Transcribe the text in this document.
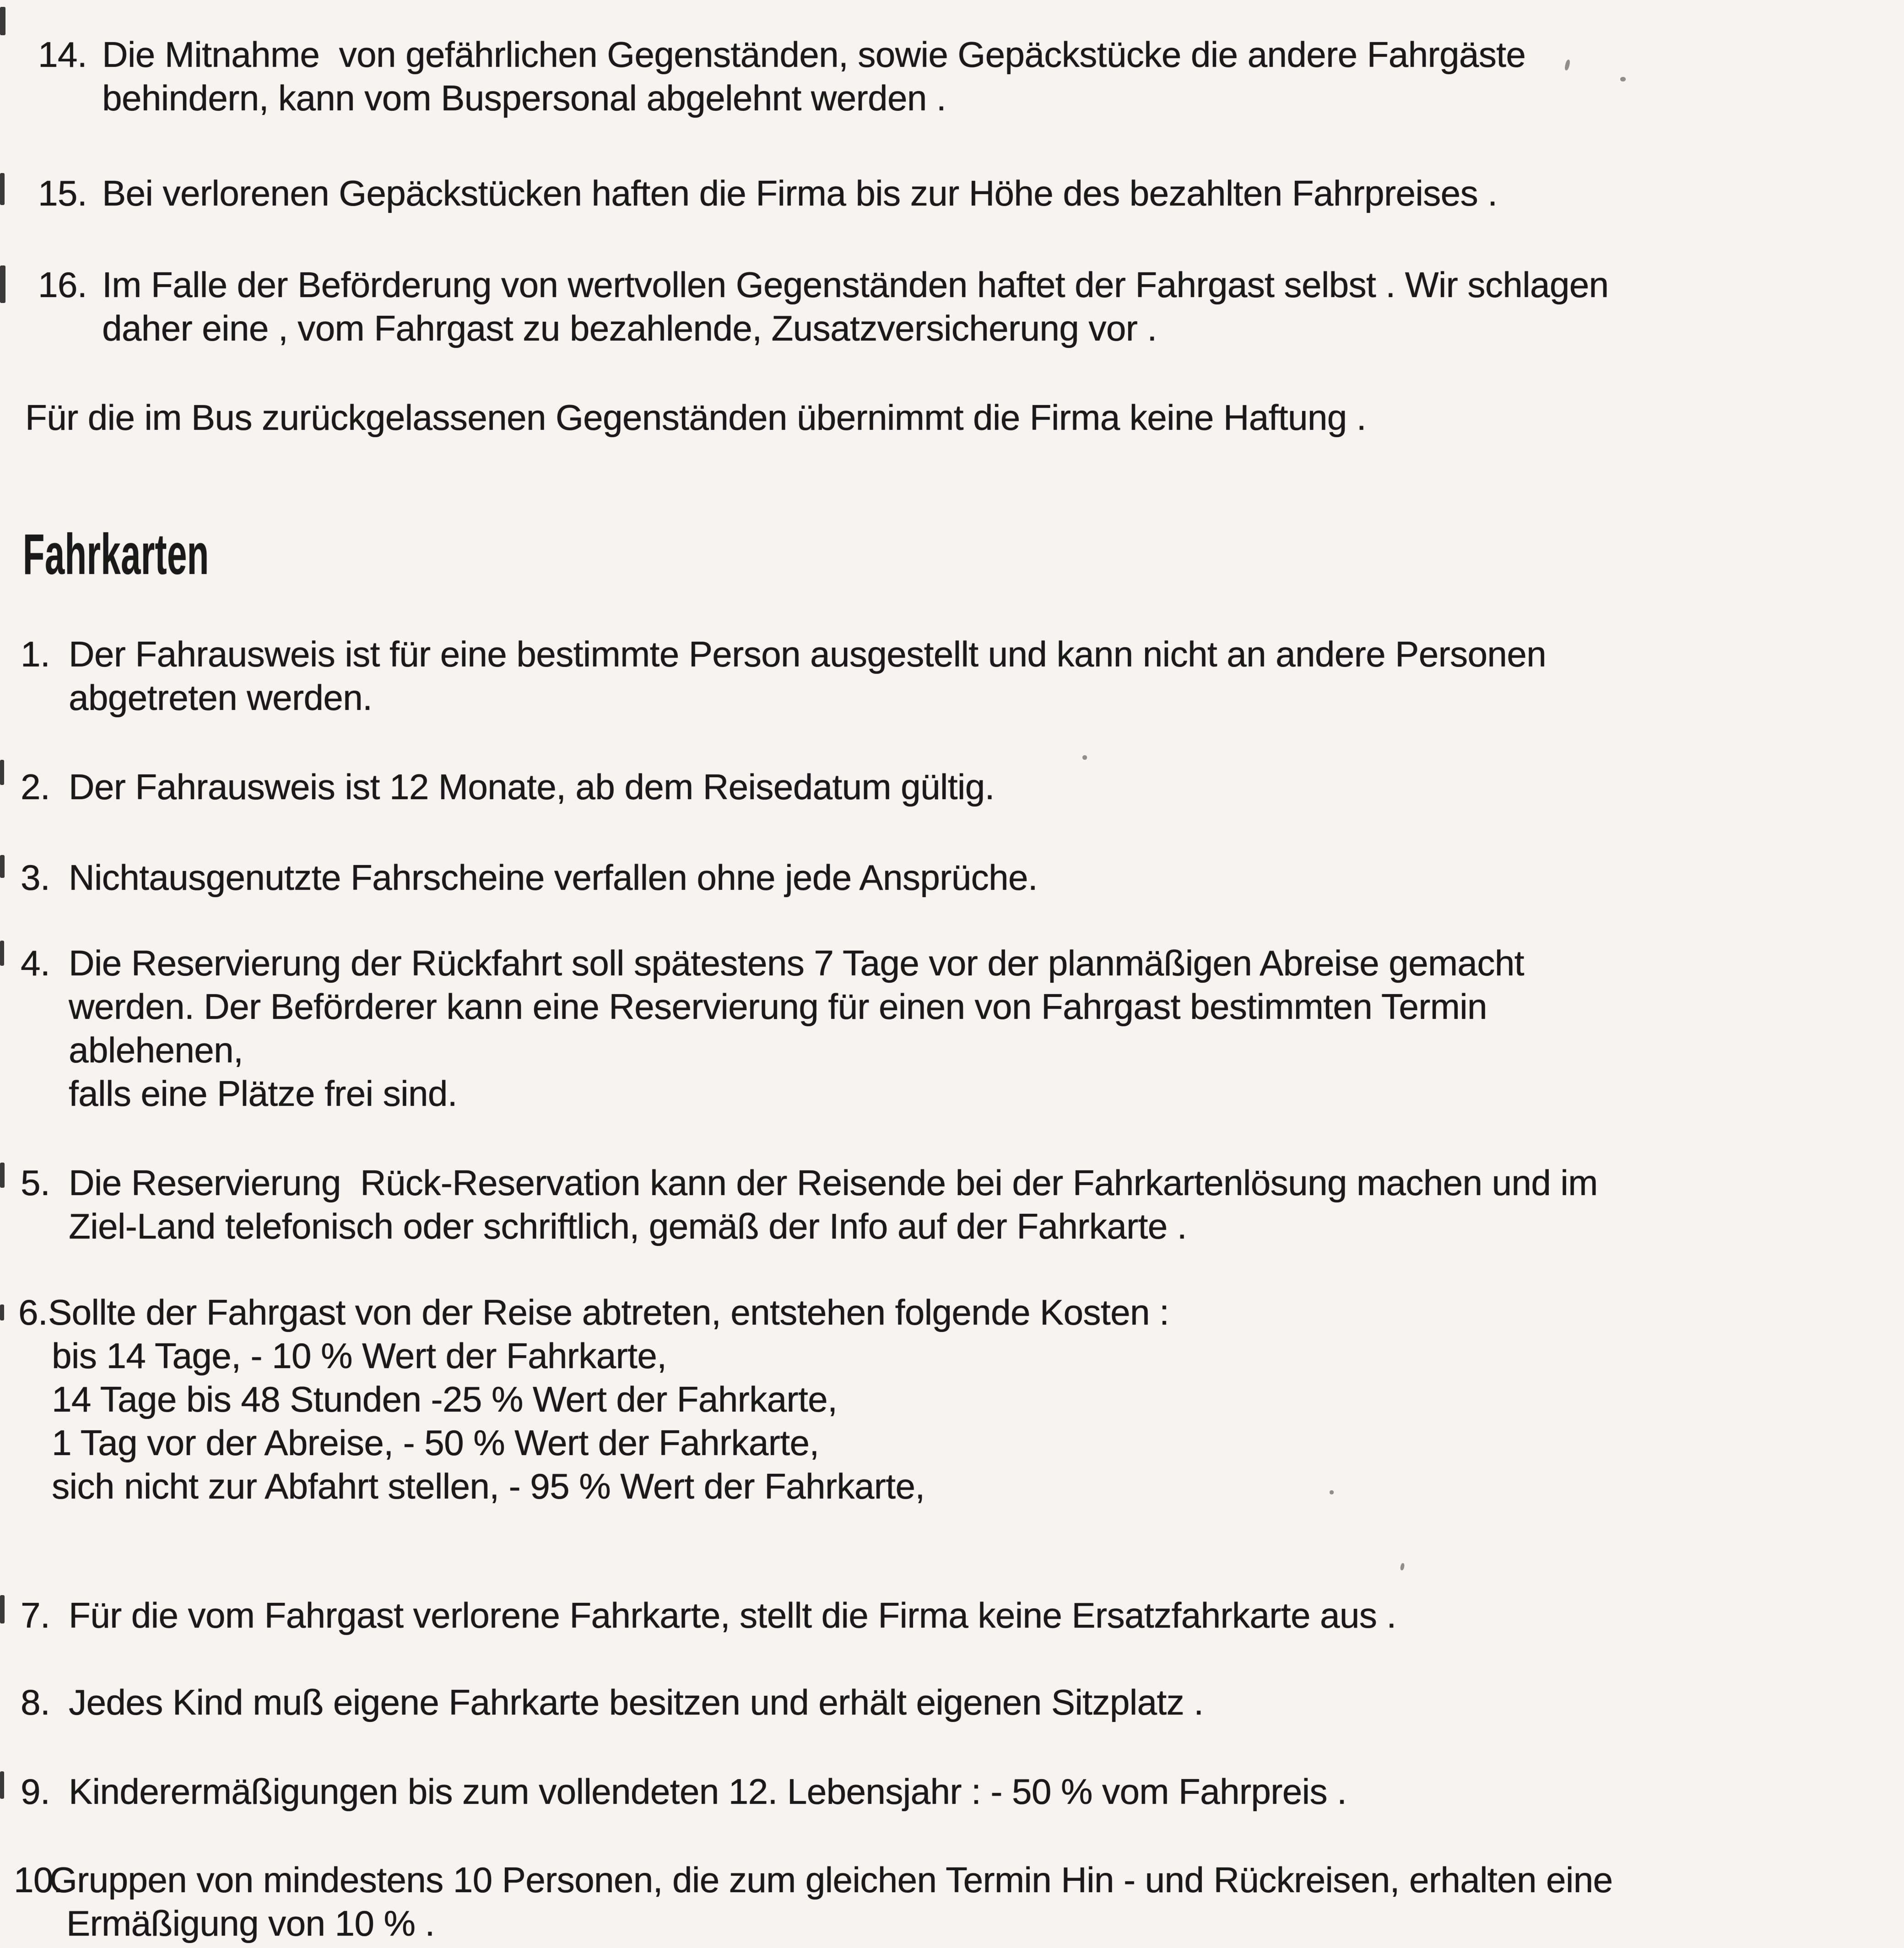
14. Die Mitnahme  von gefährlichen Gegenständen, sowie Gepäckstücke die andere Fahrgäste
behindern, kann vom Buspersonal abgelehnt werden .
15. Bei verlorenen Gepäckstücken haften die Firma bis zur Höhe des bezahlten Fahrpreises .
16. Im Falle der Beförderung von wertvollen Gegenständen haftet der Fahrgast selbst . Wir schlagen
daher eine , vom Fahrgast zu bezahlende, Zusatzversicherung vor .
Für die im Bus zurückgelassenen Gegenständen übernimmt die Firma keine Haftung .
Fahrkarten
1. Der Fahrausweis ist für eine bestimmte Person ausgestellt und kann nicht an andere Personen
abgetreten werden.
2. Der Fahrausweis ist 12 Monate, ab dem Reisedatum gültig.
3. Nichtausgenutzte Fahrscheine verfallen ohne jede Ansprüche.
4. Die Reservierung der Rückfahrt soll spätestens 7 Tage vor der planmäßigen Abreise gemacht
werden. Der Beförderer kann eine Reservierung für einen von Fahrgast bestimmten Termin
ablehenen,
falls eine Plätze frei sind.
5. Die Reservierung  Rück-Reservation kann der Reisende bei der Fahrkartenlösung machen und im
Ziel-Land telefonisch oder schriftlich, gemäß der Info auf der Fahrkarte .
6.Sollte der Fahrgast von der Reise abtreten, entstehen folgende Kosten :
bis 14 Tage, - 10 % Wert der Fahrkarte,
14 Tage bis 48 Stunden -25 % Wert der Fahrkarte,
1 Tag vor der Abreise, - 50 % Wert der Fahrkarte,
sich nicht zur Abfahrt stellen, - 95 % Wert der Fahrkarte,
7. Für die vom Fahrgast verlorene Fahrkarte, stellt die Firma keine Ersatzfahrkarte aus .
8. Jedes Kind muß eigene Fahrkarte besitzen und erhält eigenen Sitzplatz .
9. Kinderermäßigungen bis zum vollendeten 12. Lebensjahr : - 50 % vom Fahrpreis .
10.Gruppen von mindestens 10 Personen, die zum gleichen Termin Hin - und Rückreisen, erhalten eine
Ermäßigung von 10 % .
